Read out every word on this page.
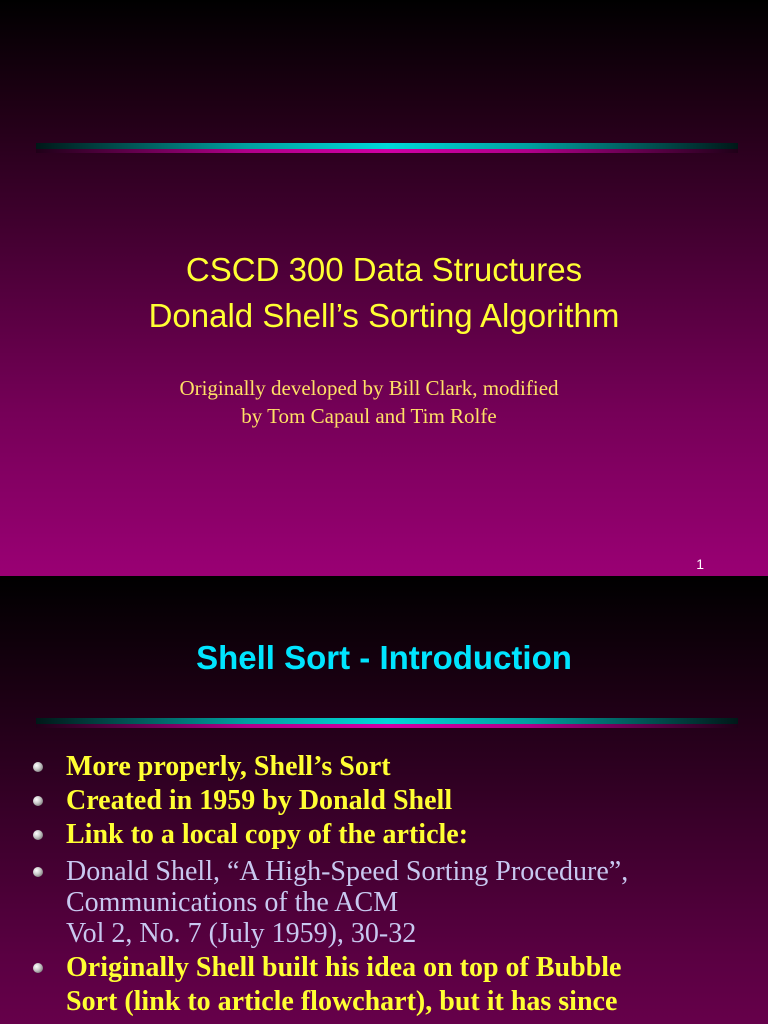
CSCD 300 Data Structures
Donald Shell’s Sorting Algorithm
Originally developed by Bill Clark, modified
by Tom Capaul and Tim Rolfe
1
Shell Sort - Introduction
More properly, Shell’s Sort
Created in 1959 by Donald Shell
Link to a local copy of the article:
Donald Shell, “A High-Speed Sorting Procedure”,
Communications of the ACM
Vol 2, No. 7 (July 1959), 30-32
Originally Shell built his idea on top of Bubble
Sort (link to article flowchart), but it has since
